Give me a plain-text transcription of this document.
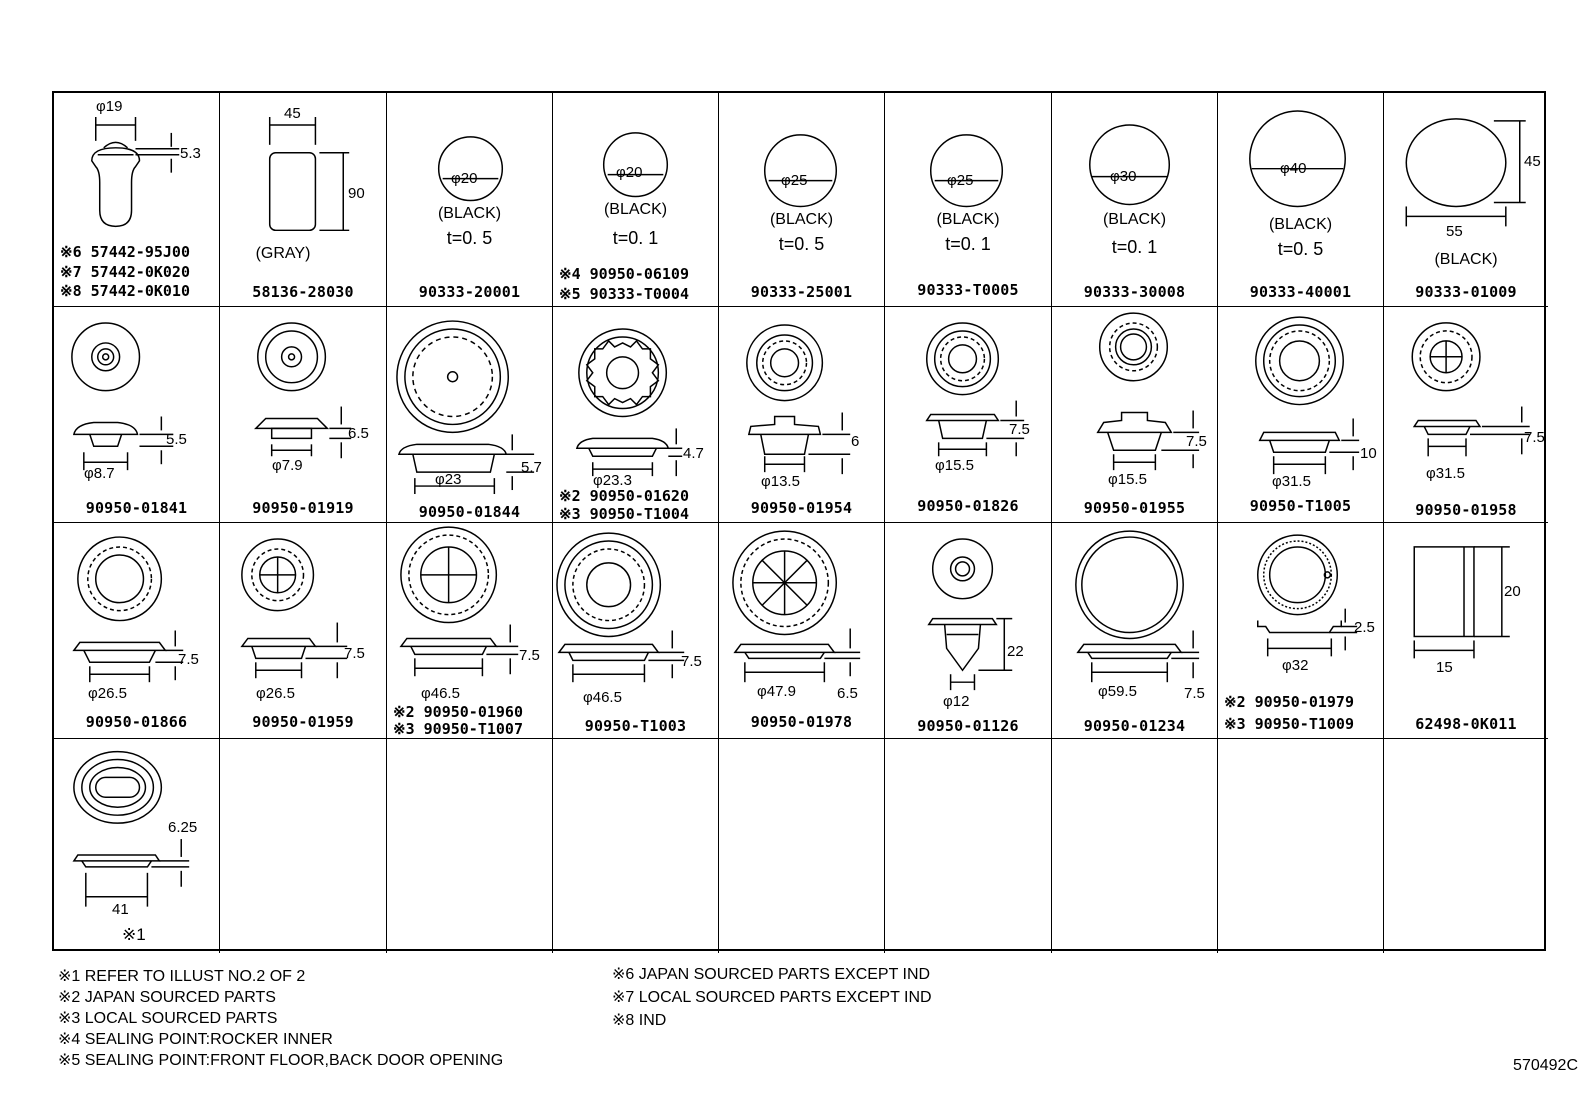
φ19
5.3
※6 57442-95J00
※7 57442-0K020
※8 57442-0K010
45
90
(GRAY)
58136-28030
φ20
(BLACK)
t=0. 5
90333-20001
φ20
(BLACK)
t=0. 1
※4 90950-06109
※5 90333-T0004
φ25
(BLACK)
t=0. 5
90333-25001
φ25
(BLACK)
t=0. 1
90333-T0005
φ30
(BLACK)
t=0. 1
90333-30008
φ40
(BLACK)
t=0. 5
90333-40001
45
55
(BLACK)
90333-01009
5.5
φ8.7
90950-01841
6.5
φ7.9
90950-01919
5.7
φ23
90950-01844
4.7
φ23.3
※2 90950-01620
※3 90950-T1004
6
φ13.5
90950-01954
7.5
φ15.5
90950-01826
7.5
φ15.5
90950-01955
10
φ31.5
90950-T1005
7.5
φ31.5
90950-01958
7.5
φ26.5
90950-01866
7.5
φ26.5
90950-01959
7.5
φ46.5
※2 90950-01960
※3 90950-T1007
7.5
φ46.5
90950-T1003
φ47.9	6.5
90950-01978
22
φ12
90950-01126
φ59.5	7.5
90950-01234
2.5
φ32
※2 90950-01979
※3 90950-T1009
20
15
62498-0K011
6.25
41
※1
※1 REFER TO ILLUST NO.2 OF 2
※2 JAPAN SOURCED PARTS
※3 LOCAL SOURCED PARTS
※4 SEALING POINT:ROCKER INNER
※5 SEALING POINT:FRONT FLOOR,BACK DOOR OPENING
※6 JAPAN SOURCED PARTS EXCEPT IND
※7 LOCAL SOURCED PARTS EXCEPT IND
※8 IND
570492C
